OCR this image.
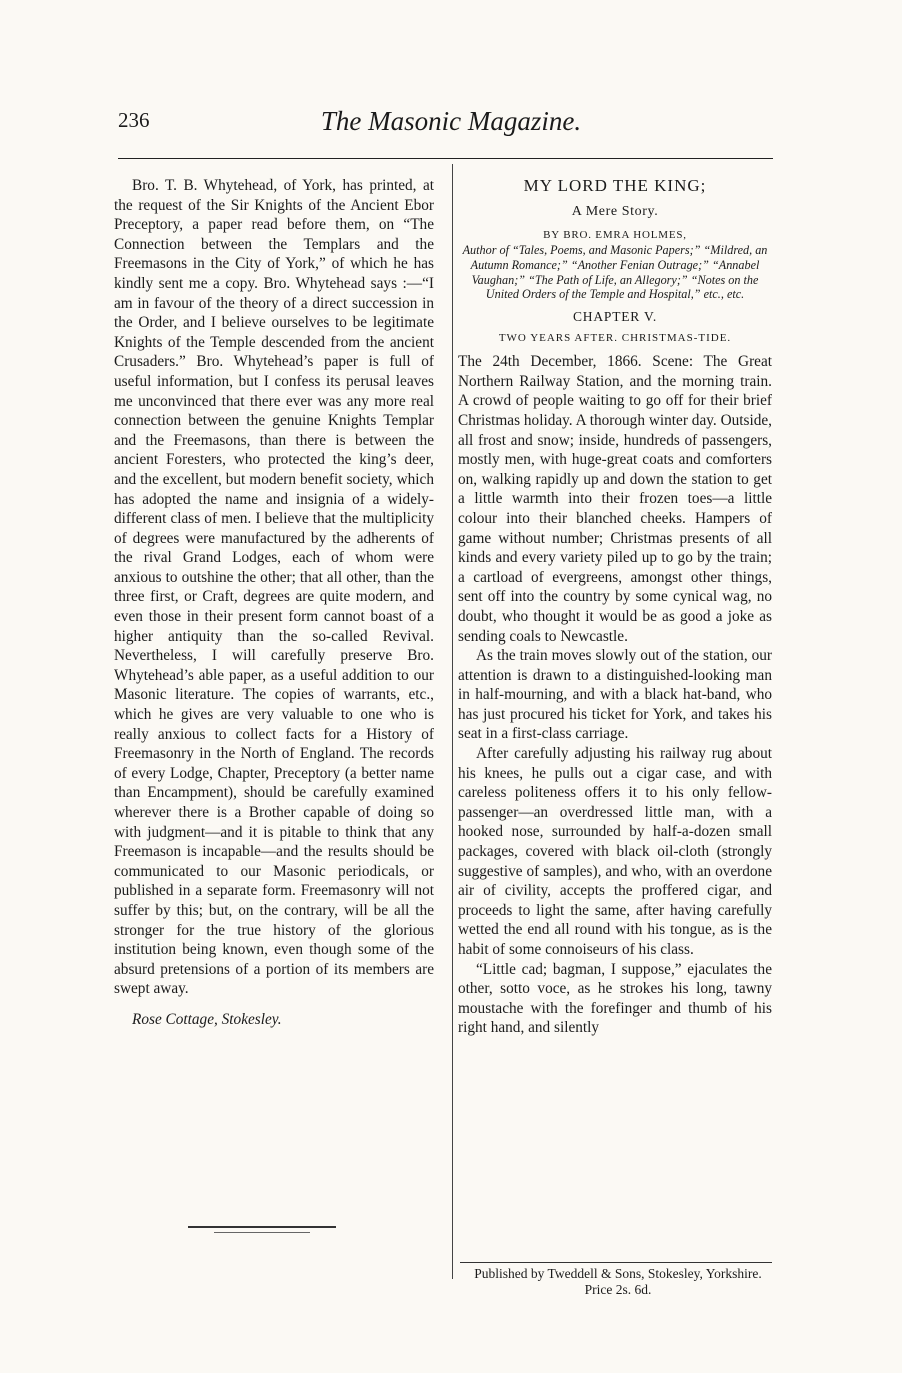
236	The Masonic Magazine.

Bro. T. B. Whytehead, of York, has printed, at the request of the Sir Knights of the Ancient Ebor Preceptory, a paper read before them, on “The Connection between the Templars and the Freemasons in the City of York,” of which he has kindly sent me a copy. Bro. Whytehead says :—“I am in favour of the theory of a direct succession in the Order, and I believe ourselves to be legitimate Knights of the Temple descended from the ancient Crusaders.” Bro. Whytehead’s paper is full of useful information, but I confess its perusal leaves me unconvinced that there ever was any more real connection between the genuine Knights Templar and the Freemasons, than there is between the ancient Foresters, who protected the king’s deer, and the excellent, but modern benefit society, which has adopted the name and insignia of a widely-different class of men. I believe that the multiplicity of degrees were manufactured by the adherents of the rival Grand Lodges, each of whom were anxious to outshine the other; that all other, than the three first, or Craft, degrees are quite modern, and even those in their present form cannot boast of a higher antiquity than the so-called Revival. Nevertheless, I will carefully preserve Bro. Whytehead’s able paper, as a useful addition to our Masonic literature. The copies of warrants, etc., which he gives are very valuable to one who is really anxious to collect facts for a History of Freemasonry in the North of England. The records of every Lodge, Chapter, Preceptory (a better name than Encampment), should be carefully examined wherever there is a Brother capable of doing so with judgment—and it is pitable to think that any Freemason is incapable—and the results should be communicated to our Masonic periodicals, or published in a separate form. Freemasonry will not suffer by this; but, on the contrary, will be all the stronger for the true history of the glorious institution being known, even though some of the absurd pretensions of a portion of its members are swept away.

Rose Cottage, Stokesley.

MY LORD THE KING;

A Mere Story.

BY BRO. EMRA HOLMES,

Author of “Tales, Poems, and Masonic Papers;” “Mildred, an Autumn Romance;” “Another Fenian Outrage;” “Annabel Vaughan;” “The Path of Life, an Allegory;” “Notes on the United Orders of the Temple and Hospital,” etc., etc.

CHAPTER V.

TWO YEARS AFTER. CHRISTMAS-TIDE.

The 24th December, 1866. Scene: The Great Northern Railway Station, and the morning train. A crowd of people waiting to go off for their brief Christmas holiday. A thorough winter day. Outside, all frost and snow; inside, hundreds of passengers, mostly men, with huge-great coats and comforters on, walking rapidly up and down the station to get a little warmth into their frozen toes—a little colour into their blanched cheeks. Hampers of game without number; Christmas presents of all kinds and every variety piled up to go by the train; a cartload of evergreens, amongst other things, sent off into the country by some cynical wag, no doubt, who thought it would be as good a joke as sending coals to Newcastle.

As the train moves slowly out of the station, our attention is drawn to a distinguished-looking man in half-mourning, and with a black hat-band, who has just procured his ticket for York, and takes his seat in a first-class carriage.

After carefully adjusting his railway rug about his knees, he pulls out a cigar case, and with careless politeness offers it to his only fellow-passenger—an overdressed little man, with a hooked nose, surrounded by half-a-dozen small packages, covered with black oil-cloth (strongly suggestive of samples), and who, with an overdone air of civility, accepts the proffered cigar, and proceeds to light the same, after having carefully wetted the end all round with his tongue, as is the habit of some connoiseurs of his class.

“Little cad; bagman, I suppose,” ejaculates the other, sotto voce, as he strokes his long, tawny moustache with the forefinger and thumb of his right hand, and silently

Published by Tweddell & Sons, Stokesley, Yorkshire. Price 2s. 6d.
